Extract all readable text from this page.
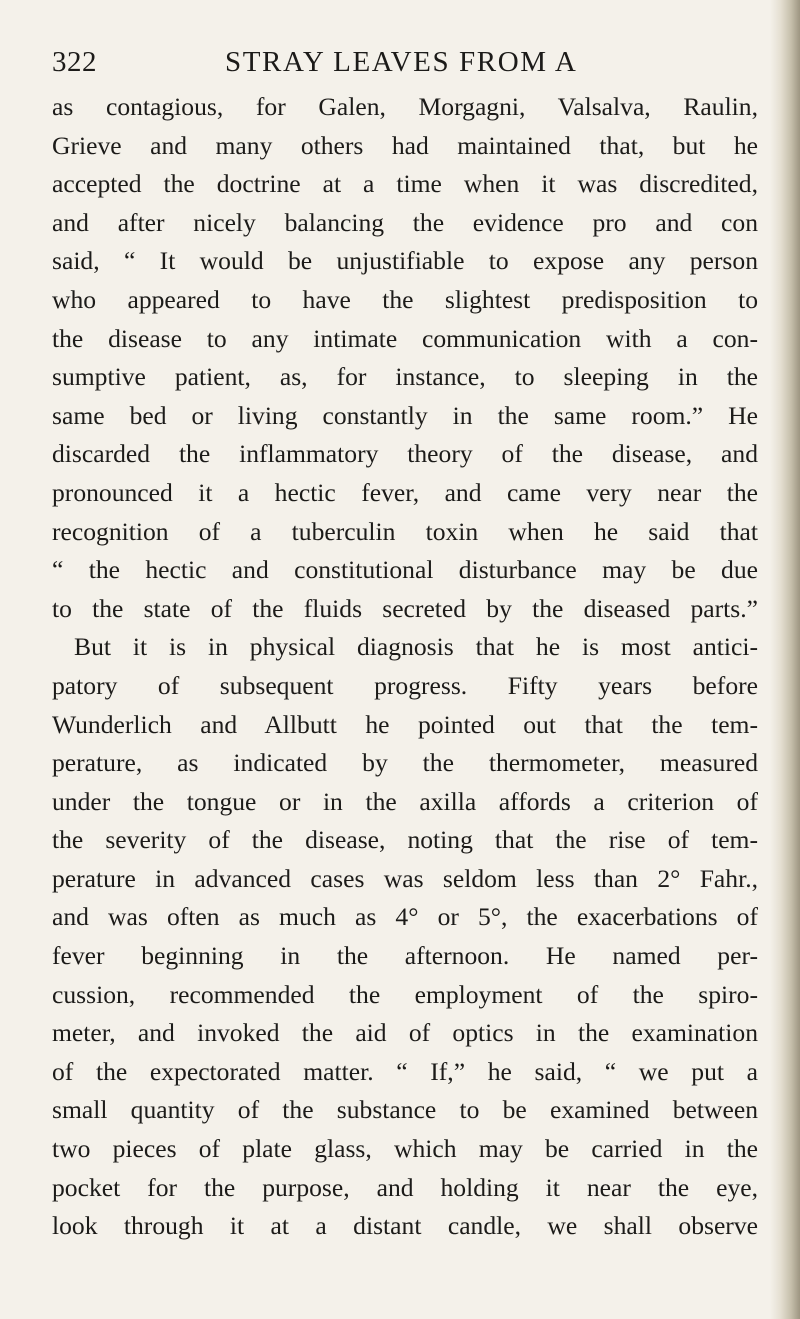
322	STRAY LEAVES FROM A
as contagious, for Galen, Morgagni, Valsalva, Raulin,
Grieve and many others had maintained that, but he
accepted the doctrine at a time when it was discredited,
and after nicely balancing the evidence pro and con
said, “ It would be unjustifiable to expose any person
who appeared to have the slightest predisposition to
the disease to any intimate communication with a con-
sumptive patient, as, for instance, to sleeping in the
same bed or living constantly in the same room.” He
discarded the inflammatory theory of the disease, and
pronounced it a hectic fever, and came very near the
recognition of a tuberculin toxin when he said that
“ the hectic and constitutional disturbance may be due
to the state of the fluids secreted by the diseased parts.”
But it is in physical diagnosis that he is most antici-
patory of subsequent progress. Fifty years before
Wunderlich and Allbutt he pointed out that the tem-
perature, as indicated by the thermometer, measured
under the tongue or in the axilla affords a criterion of
the severity of the disease, noting that the rise of tem-
perature in advanced cases was seldom less than 2° Fahr.,
and was often as much as 4° or 5°, the exacerbations of
fever beginning in the afternoon. He named per-
cussion, recommended the employment of the spiro-
meter, and invoked the aid of optics in the examination
of the expectorated matter. “ If,” he said, “ we put a
small quantity of the substance to be examined between
two pieces of plate glass, which may be carried in the
pocket for the purpose, and holding it near the eye,
look through it at a distant candle, we shall observe
